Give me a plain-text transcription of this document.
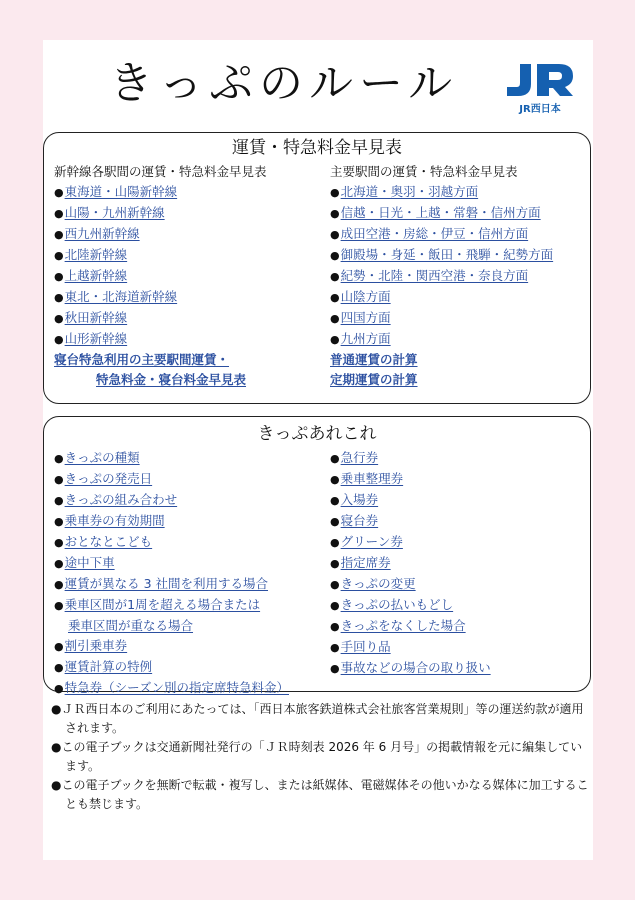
きっぷのルール
JR西日本
運賃・特急料金早見表
新幹線各駅間の運賃・特急料金早見表
●東海道・山陽新幹線
●山陽・九州新幹線
●西九州新幹線
●北陸新幹線
●上越新幹線
●東北・北海道新幹線
●秋田新幹線
●山形新幹線
寝台特急利用の主要駅間運賃・
特急料金・寝台料金早見表
主要駅間の運賃・特急料金早見表
●北海道・奥羽・羽越方面
●信越・日光・上越・常磐・信州方面
●成田空港・房総・伊豆・信州方面
●御殿場・身延・飯田・飛騨・紀勢方面
●紀勢・北陸・関西空港・奈良方面
●山陰方面
●四国方面
●九州方面
普通運賃の計算
定期運賃の計算
きっぷあれこれ
●きっぷの種類
●きっぷの発売日
●きっぷの組み合わせ
●乗車券の有効期間
●おとなとこども
●途中下車
●運賃が異なる 3 社間を利用する場合
●乗車区間が1周を超える場合または
乗車区間が重なる場合
●割引乗車券
●運賃計算の特例
●特急券（シーズン別の指定席特急料金）
●急行券
●乗車整理券
●入場券
●寝台券
●グリーン券
●指定席券
●きっぷの変更
●きっぷの払いもどし
●きっぷをなくした場合
●手回り品
●事故などの場合の取り扱い
●ＪＲ西日本のご利用にあたっては、「西日本旅客鉄道株式会社旅客営業規則」等の運送約款が適用されます。
●この電子ブックは交通新聞社発行の「ＪＲ時刻表 2026 年 6 月号」の掲載情報を元に編集しています。
●この電子ブックを無断で転載・複写し、または紙媒体、電磁媒体その他いかなる媒体に加工することも禁じます。
